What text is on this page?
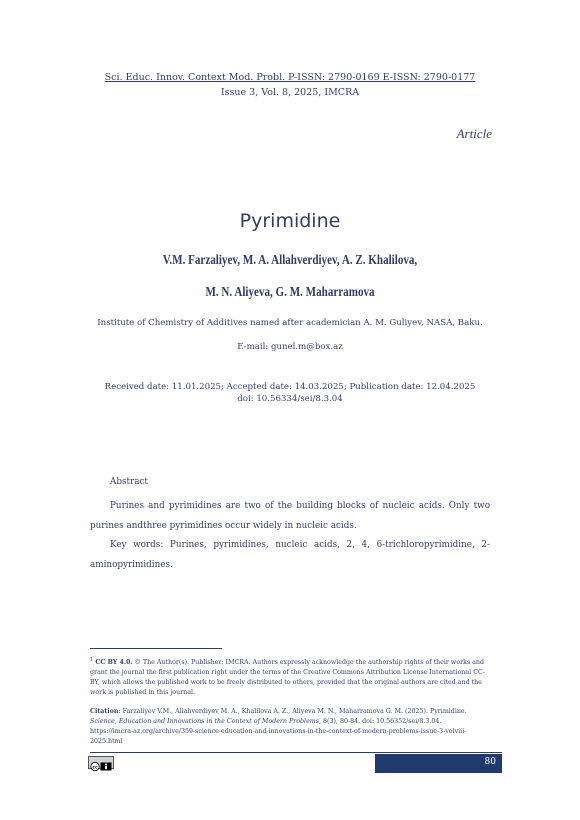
Sci. Educ. Innov. Context Mod. Probl. P-ISSN: 2790-0169 E-ISSN: 2790-0177
Issue 3, Vol. 8, 2025, IMCRA
Article
Pyrimidine
V.M. Farzaliyev, M. A. Allahverdiyev, A. Z. Khalilova,
M. N. Aliyeva, G. M. Maharramova
Institute of Chemistry of Additives named after academician A. M. Guliyev, NASA, Baku.
E-mail: gunel.m@box.az
Received date: 11.01.2025; Accepted date: 14.03.2025; Publication date: 12.04.2025
doi: 10.56334/sei/8.3.04
Abstract
Purines and pyrimidines are two of the building blocks of nucleic acids. Only two purines andthree pyrimidines occur widely in nucleic acids.
Key words: Purines, pyrimidines, nucleic acids, 2, 4, 6-trichloropyrimidine, 2-aminopyrimidines.
$^1$ CC BY 4.0. © The Author(s). Publisher: IMCRA. Authors expressly acknowledge the authorship rights of their works and grant the journal the first publication right under the terms of the Creative Commons Attribution License International CC-BY, which allows the published work to be freely distributed to others, provided that the original authors are cited and the work is published in this journal.
Citation: Farzaliyev V.M., Allahverdiyev M. A., Khalilova A. Z., Aliyeva M. N., Maharramova G. M. (2025). Pyrimidine.
Science, Education and Innovations in the Context of Modern Problems, 8(3), 80-84. doi: 10.56352/sei/8.3.04.
https://imcra-az.org/archive/359-science-education-and-innovations-in-the-context-of-modern-problems-issue-3-volviii-2025.html
cc
80
